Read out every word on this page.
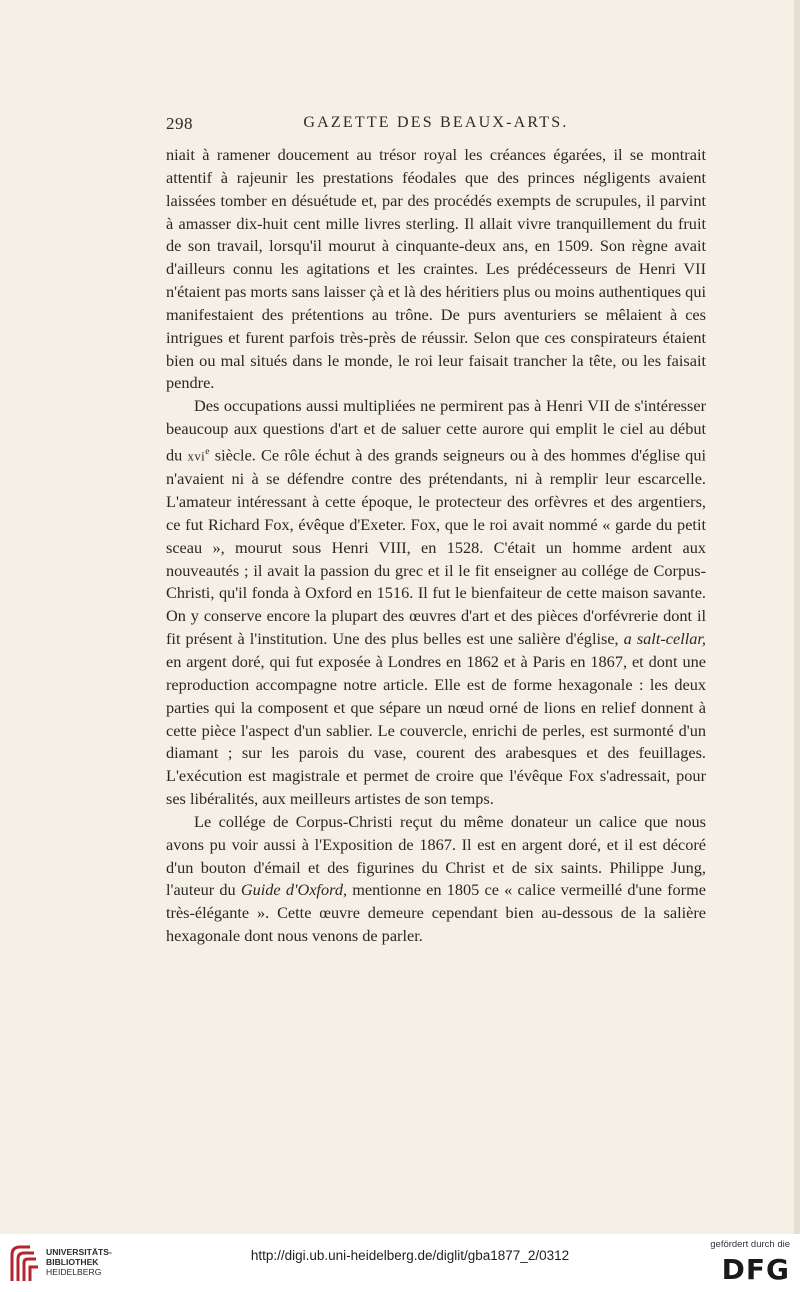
298	GAZETTE DES BEAUX-ARTS.

niait à ramener doucement au trésor royal les créances égarées, il se montrait attentif à rajeunir les prestations féodales que des princes négligents avaient laissées tomber en désuétude et, par des procédés exempts de scrupules, il parvint à amasser dix-huit cent mille livres sterling. Il allait vivre tranquillement du fruit de son travail, lorsqu'il mourut à cinquante-deux ans, en 1509. Son règne avait d'ailleurs connu les agitations et les craintes. Les prédécesseurs de Henri VII n'étaient pas morts sans laisser çà et là des héritiers plus ou moins authentiques qui manifestaient des prétentions au trône. De purs aventuriers se mêlaient à ces intrigues et furent parfois très-près de réussir. Selon que ces conspirateurs étaient bien ou mal situés dans le monde, le roi leur faisait trancher la tête, ou les faisait pendre.

Des occupations aussi multipliées ne permirent pas à Henri VII de s'intéresser beaucoup aux questions d'art et de saluer cette aurore qui emplit le ciel au début du xvi$^e$ siècle. Ce rôle échut à des grands seigneurs ou à des hommes d'église qui n'avaient ni à se défendre contre des prétendants, ni à remplir leur escarcelle. L'amateur intéressant à cette époque, le protecteur des orfèvres et des argentiers, ce fut Richard Fox, évêque d'Exeter. Fox, que le roi avait nommé « garde du petit sceau », mourut sous Henri VIII, en 1528. C'était un homme ardent aux nouveautés ; il avait la passion du grec et il le fit enseigner au collége de Corpus-Christi, qu'il fonda à Oxford en 1516. Il fut le bienfaiteur de cette maison savante. On y conserve encore la plupart des œuvres d'art et des pièces d'orfévrerie dont il fit présent à l'institution. Une des plus belles est une salière d'église, a salt-cellar, en argent doré, qui fut exposée à Londres en 1862 et à Paris en 1867, et dont une reproduction accompagne notre article. Elle est de forme hexagonale : les deux parties qui la composent et que sépare un nœud orné de lions en relief donnent à cette pièce l'aspect d'un sablier. Le couvercle, enrichi de perles, est surmonté d'un diamant ; sur les parois du vase, courent des arabesques et des feuillages. L'exécution est magistrale et permet de croire que l'évêque Fox s'adressait, pour ses libéralités, aux meilleurs artistes de son temps.

Le collége de Corpus-Christi reçut du même donateur un calice que nous avons pu voir aussi à l'Exposition de 1867. Il est en argent doré, et il est décoré d'un bouton d'émail et des figurines du Christ et de six saints. Philippe Jung, l'auteur du Guide d'Oxford, mentionne en 1805 ce « calice vermeillé d'une forme très-élégante ». Cette œuvre demeure cependant bien au-dessous de la salière hexagonale dont nous venons de parler.

UNIVERSITÄTS-
BIBLIOTHEK
HEIDELBERG
http://digi.ub.uni-heidelberg.de/diglit/gba1877_2/0312
gefördert durch die
DFG
